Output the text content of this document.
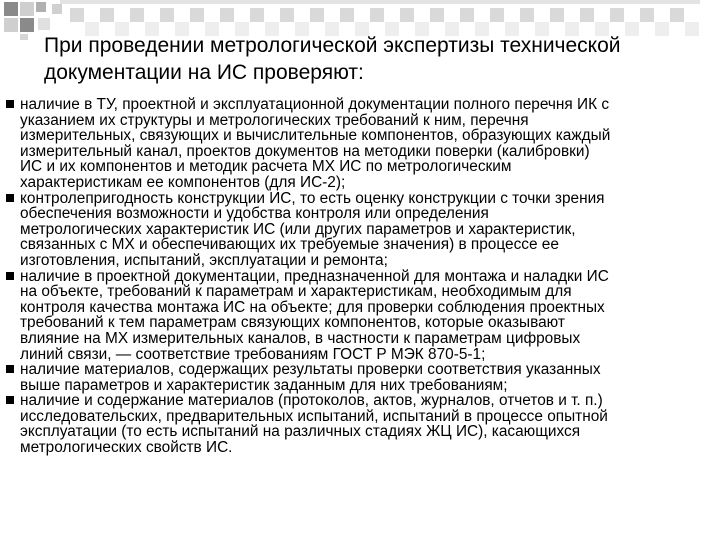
При проведении метрологической экспертизы технической
документации на ИС проверяют:
наличие в ТУ, проектной и эксплуатационной документации полного перечня ИК с
указанием их структуры и метрологических требований к ним, перечня
измерительных, связующих и вычислительные компонентов, образующих каждый
измерительный канал, проектов документов на методики поверки (калибровки)
ИС и их компонентов и методик расчета МХ ИС по метрологическим
характеристикам ее компонентов (для ИС-2);
контролепригодность конструкции ИС, то есть оценку конструкции с точки зрения
обеспечения возможности и удобства контроля или определения
метрологических характеристик ИС (или других параметров и характеристик,
связанных с МХ и обеспечивающих их требуемые значения) в процессе ее
изготовления, испытаний, эксплуатации и ремонта;
наличие в проектной документации, предназначенной для монтажа и наладки ИС
на объекте, требований к параметрам и характеристикам, необходимым для
контроля качества монтажа ИС на объекте; для проверки соблюдения проектных
требований к тем параметрам связующих компонентов, которые оказывают
влияние на МХ измерительных каналов, в частности к параметрам цифровых
линий связи, — соответствие требованиям ГОСТ Р МЭК 870-5-1;
наличие материалов, содержащих результаты проверки соответствия указанных
выше параметров и характеристик заданным для них требованиям;
наличие и содержание материалов (протоколов, актов, журналов, отчетов и т. п.)
исследовательских, предварительных испытаний, испытаний в процессе опытной
эксплуатации (то есть испытаний на различных стадиях ЖЦ ИС), касающихся
метрологических свойств ИС.
